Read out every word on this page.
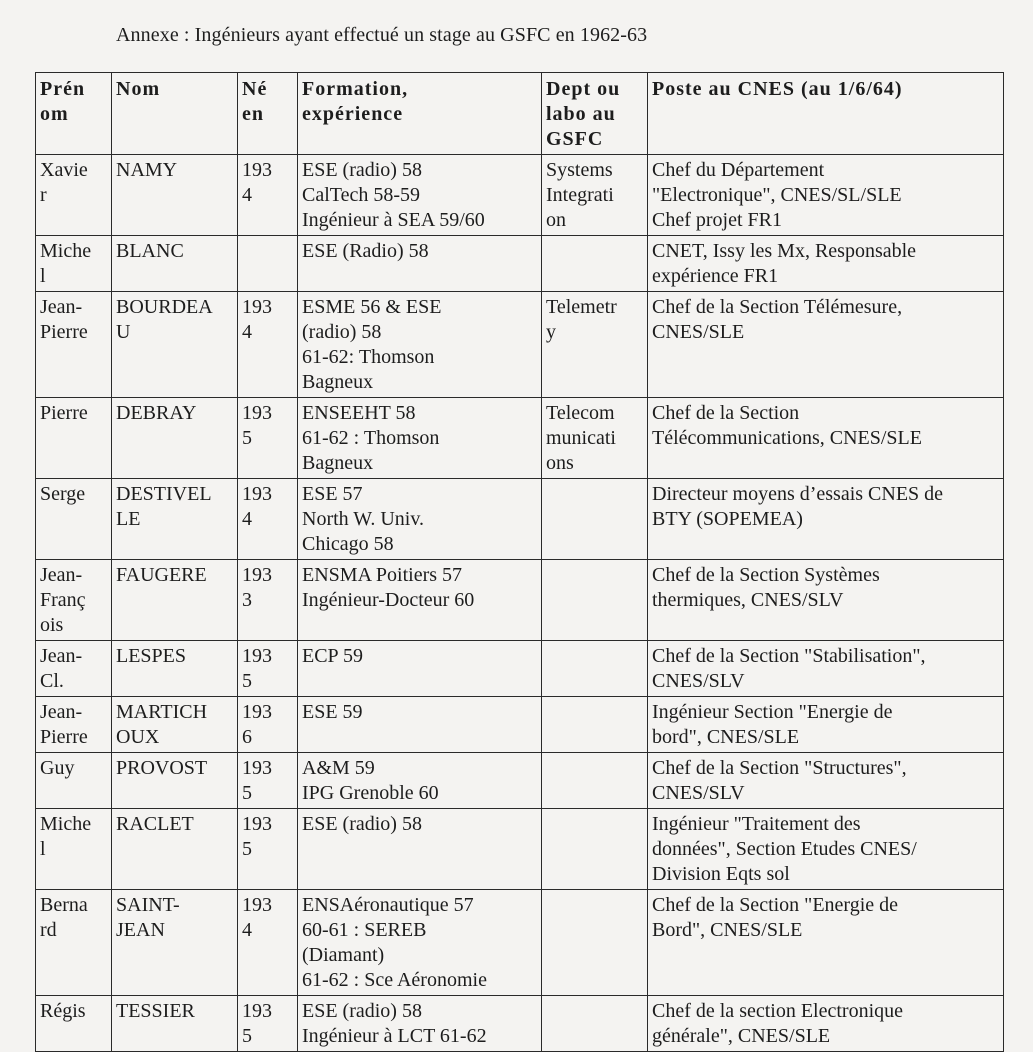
Annexe : Ingénieurs ayant effectué un stage au GSFC en 1962-63
Prén
om	Nom	Né
en	Formation,
expérience	Dept ou
labo au
GSFC	Poste au CNES (au 1/6/64)

Xavie
r	NAMY	193
4	ESE (radio) 58
CalTech 58-59
Ingénieur à SEA 59/60	Systems
Integrati
on	Chef du Département
"Electronique", CNES/SL/SLE
Chef projet FR1

Miche
l	BLANC		ESE (Radio) 58		CNET, Issy les Mx, Responsable
expérience FR1

Jean-
Pierre	BOURDEA
U	193
4	ESME 56 & ESE
(radio) 58
61-62: Thomson
Bagneux	Telemetr
y	Chef de la Section Télémesure,
CNES/SLE

Pierre	DEBRAY	193
5	ENSEEHT 58
61-62 : Thomson
Bagneux	Telecom
municati
ons	Chef de la Section
Télécommunications, CNES/SLE

Serge	DESTIVEL
LE	193
4	ESE 57
North W. Univ.
Chicago 58		Directeur moyens d’essais CNES de
BTY (SOPEMEA)

Jean-
Franç
ois	FAUGERE	193
3	ENSMA Poitiers 57
Ingénieur-Docteur 60		Chef de la Section Systèmes
thermiques, CNES/SLV

Jean-
Cl.	LESPES	193
5	ECP 59		Chef de la Section "Stabilisation",
CNES/SLV

Jean-
Pierre	MARTICH
OUX	193
6	ESE 59		Ingénieur Section "Energie de
bord", CNES/SLE

Guy	PROVOST	193
5	A&M 59
IPG Grenoble 60		Chef de la Section "Structures",
CNES/SLV

Miche
l	RACLET	193
5	ESE (radio) 58		Ingénieur "Traitement des
données", Section Etudes CNES/
Division Eqts sol

Berna
rd	SAINT-
JEAN	193
4	ENSAéronautique 57
60-61 : SEREB
(Diamant)
61-62 : Sce Aéronomie		Chef de la Section "Energie de
Bord", CNES/SLE

Régis	TESSIER	193
5	ESE (radio) 58
Ingénieur à LCT 61-62		Chef de la section Electronique
générale", CNES/SLE
